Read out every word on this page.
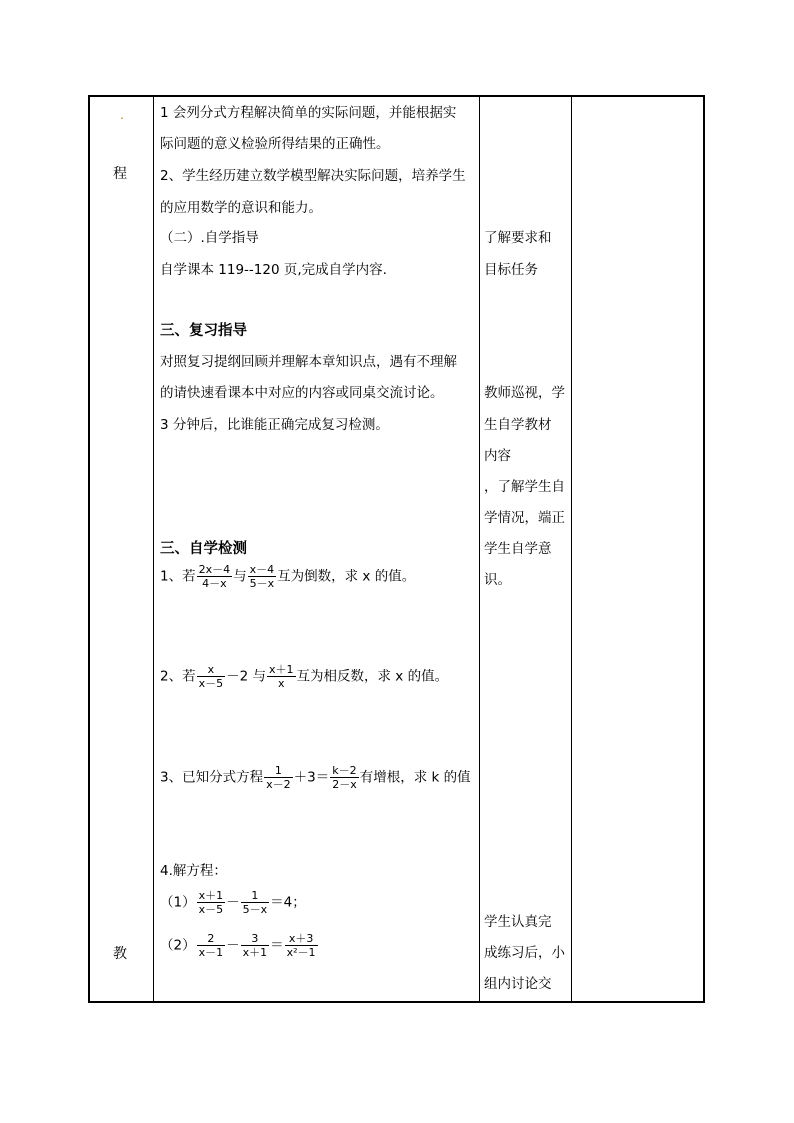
.
程
教
1 会列分式方程解决简单的实际问题，并能根据实
际问题的意义检验所得结果的正确性。
2、学生经历建立数学模型解决实际问题，培养学生
的应用数学的意识和能力。
（二）.自学指导
自学课本 119--120 页,完成自学内容.
三、复习指导
对照复习提纲回顾并理解本章知识点，遇有不理解
的请快速看课本中对应的内容或同桌交流讨论。
3 分钟后，比谁能正确完成复习检测。
三、自学检测
1、若 $\frac{2x-4}{4-x}$ 与 $\frac{x-4}{5-x}$ 互为倒数，求 x 的值。
2、若 $\frac{x}{x-5} -2$ 与 $\frac{x+1}{x}$ 互为相反数，求 x 的值。
3、已知分式方程 $\frac{1}{x-2} +3= \frac{k-2}{2-x}$ 有增根，求 k 的值
4.解方程：
$(1) \frac{x+1}{x-5} - \frac{1}{5-x} =4$；
$(2) \frac{2}{x-1} - \frac{3}{x+1} = \frac{x+3}{\text{x²－1}}$
了解要求和
目标任务
教师巡视，学
生自学教材
内容
，了解学生自
学情况，端正
学生自学意
识。
学生认真完
成练习后，小
组内讨论交
